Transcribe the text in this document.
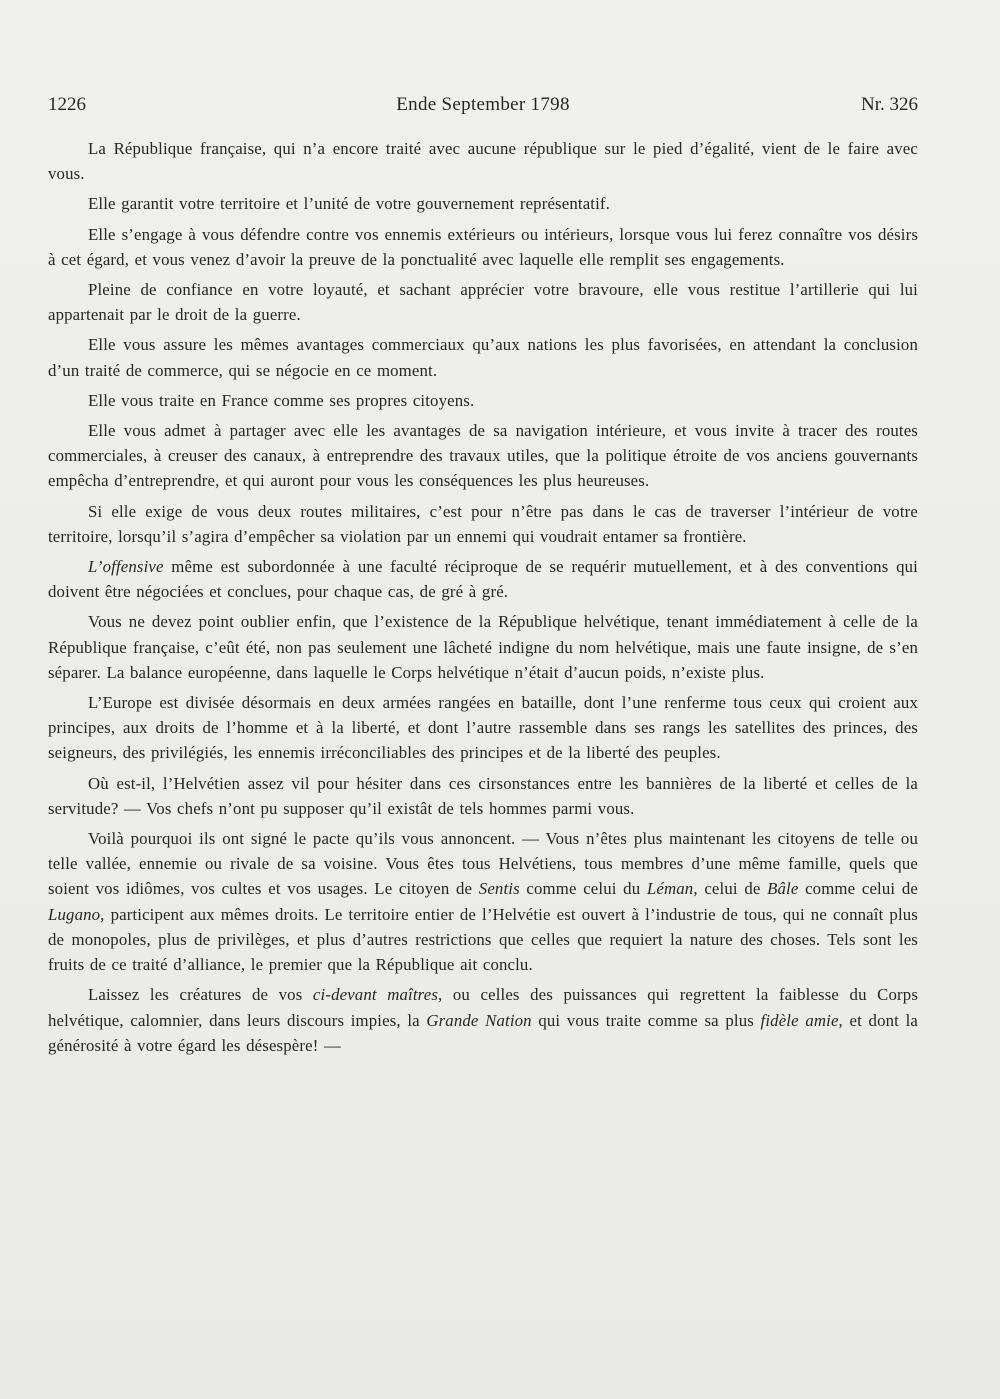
1226	Ende September 1798	Nr. 326

La République française, qui n’a encore traité avec aucune république sur le pied d’égalité, vient de le faire avec vous.

Elle garantit votre territoire et l’unité de votre gouvernement représentatif.

Elle s’engage à vous défendre contre vos ennemis extérieurs ou intérieurs, lorsque vous lui ferez connaître vos désirs à cet égard, et vous venez d’avoir la preuve de la ponctualité avec laquelle elle remplit ses engagements.

Pleine de confiance en votre loyauté, et sachant apprécier votre bravoure, elle vous restitue l’artillerie qui lui appartenait par le droit de la guerre.

Elle vous assure les mêmes avantages commerciaux qu’aux nations les plus favorisées, en attendant la conclusion d’un traité de commerce, qui se négocie en ce moment.

Elle vous traite en France comme ses propres citoyens.

Elle vous admet à partager avec elle les avantages de sa navigation intérieure, et vous invite à tracer des routes commerciales, à creuser des canaux, à entreprendre des travaux utiles, que la politique étroite de vos anciens gouvernants empêcha d’entreprendre, et qui auront pour vous les conséquences les plus heureuses.

Si elle exige de vous deux routes militaires, c’est pour n’être pas dans le cas de traverser l’intérieur de votre territoire, lorsqu’il s’agira d’empêcher sa violation par un ennemi qui voudrait entamer sa frontière.

L’offensive même est subordonnée à une faculté réciproque de se requérir mutuellement, et à des conventions qui doivent être négociées et conclues, pour chaque cas, de gré à gré.

Vous ne devez point oublier enfin, que l’existence de la République helvétique, tenant immédiatement à celle de la République française, c’eût été, non pas seulement une lâcheté indigne du nom helvétique, mais une faute insigne, de s’en séparer. La balance européenne, dans laquelle le Corps helvétique n’était d’aucun poids, n’existe plus.

L’Europe est divisée désormais en deux armées rangées en bataille, dont l’une renferme tous ceux qui croient aux principes, aux droits de l’homme et à la liberté, et dont l’autre rassemble dans ses rangs les satellites des princes, des seigneurs, des privilégiés, les ennemis irréconciliables des principes et de la liberté des peuples.

Où est-il, l’Helvétien assez vil pour hésiter dans ces cirsonstances entre les bannières de la liberté et celles de la servitude? — Vos chefs n’ont pu supposer qu’il existât de tels hommes parmi vous.

Voilà pourquoi ils ont signé le pacte qu’ils vous annoncent. — Vous n’êtes plus maintenant les citoyens de telle ou telle vallée, ennemie ou rivale de sa voisine. Vous êtes tous Helvétiens, tous membres d’une même famille, quels que soient vos idiômes, vos cultes et vos usages. Le citoyen de Sentis comme celui du Léman, celui de Bâle comme celui de Lugano, participent aux mêmes droits. Le territoire entier de l’Helvétie est ouvert à l’industrie de tous, qui ne connaît plus de monopoles, plus de privilèges, et plus d’autres restrictions que celles que requiert la nature des choses. Tels sont les fruits de ce traité d’alliance, le premier que la République ait conclu.

Laissez les créatures de vos ci-devant maîtres, ou celles des puissances qui regrettent la faiblesse du Corps helvétique, calomnier, dans leurs discours impies, la Grande Nation qui vous traite comme sa plus fidèle amie, et dont la générosité à votre égard les désespère! —
